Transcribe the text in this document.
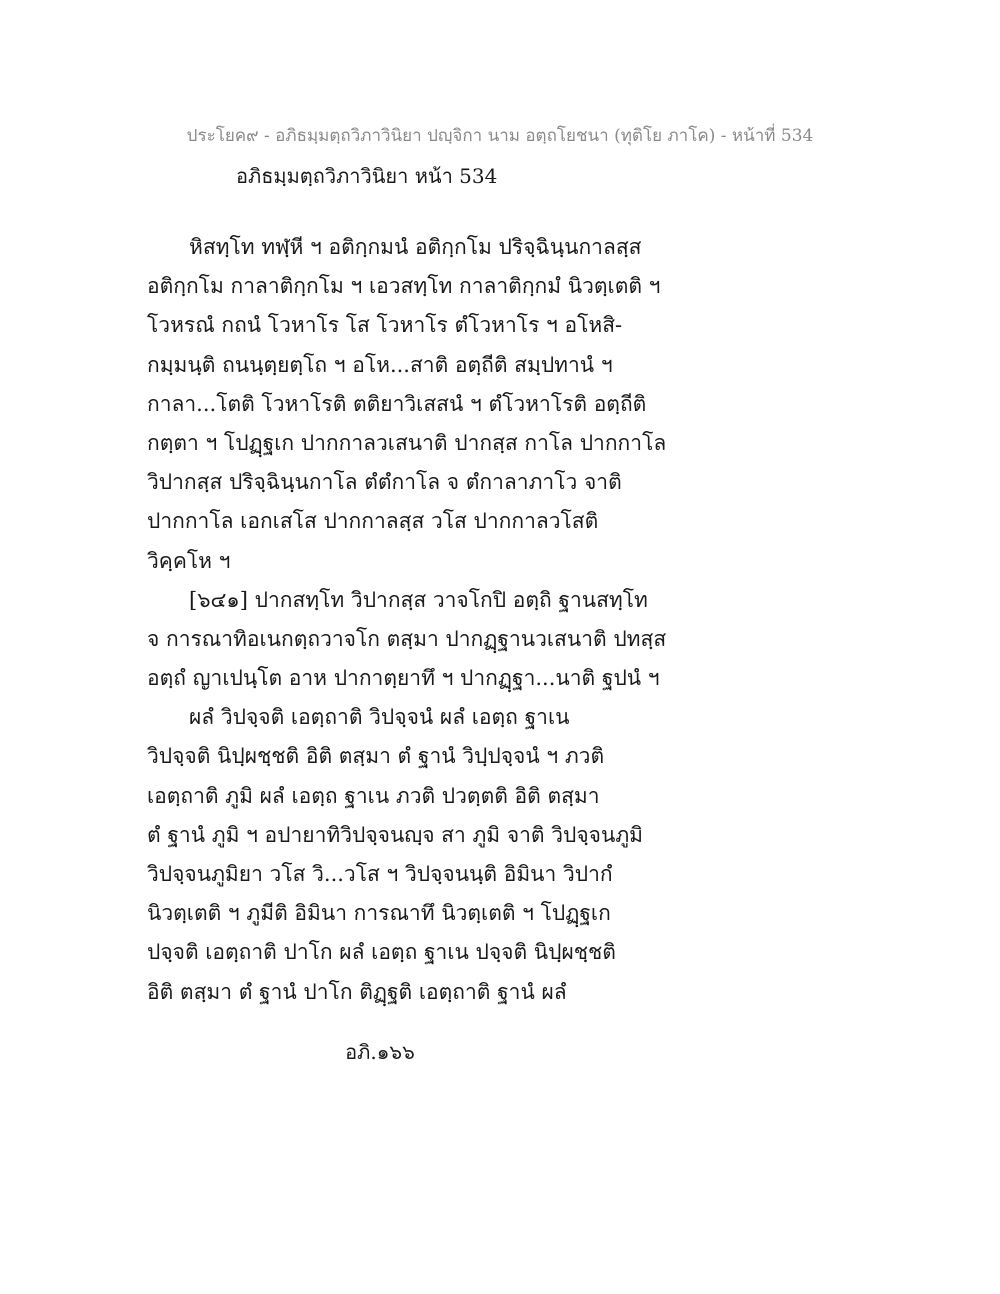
ประโยค๙ - อภิธมฺมตฺถวิภาวินิยา ปญฺจิกา นาม อตฺถโยชนา (ทุติโย ภาโค) - หน้าที่ 534
อภิธมฺมตฺถวิภาวินิยา หน้า 534
หิสทฺโท ทฬฺหี ฯ อติกฺกมนํ อติกฺกโม ปริจฺฉินฺนกาลสฺส
อติกฺกโม กาลาติกฺกโม ฯ เอวสทฺโท กาลาติกฺกมํ นิวตฺเตติ ฯ
โวหรณํ กถนํ โวหาโร โส โวหาโร ตํโวหาโร ฯ อโหสิ-
กมฺมนฺติ ถนนฺตฺยตฺโถ ฯ อโห...สาติ อตฺถีติ สมฺปทานํ ฯ
กาลา...โตติ โวหาโรติ ตติยาวิเสสนํ ฯ ตํโวหาโรติ อตฺถีติ
กตฺตา ฯ โปฏฺฐเก ปากกาลวเสนาติ ปากสฺส กาโล ปากกาโล
วิปากสฺส ปริจฺฉินฺนกาโล ตํตํกาโล จ ตํกาลาภาโว จาติ
ปากกาโล เอกเสโส ปากกาลสฺส วโส ปากกาลวโสติ
วิคฺคโห ฯ
[๖๔๑] ปากสทฺโท วิปากสฺส วาจโกปิ อตฺถิ ฐานสทฺโท
จ การณาทิอเนกตฺถวาจโก ตสฺมา ปากฏฺฐานวเสนาติ ปทสฺส
อตฺถํ ญาเปนฺโต อาห ปากาตฺยาทึ ฯ ปากฏฺฐา...นาติ ฐปนํ ฯ
ผลํ วิปจฺจติ เอตฺถาติ วิปจฺจนํ ผลํ เอตฺถ ฐาเน
วิปจฺจติ นิปฺผชฺชติ อิติ ตสฺมา ตํ ฐานํ วิปฺปจฺจนํ ฯ ภวติ
เอตฺถาติ ภูมิ ผลํ เอตฺถ ฐาเน ภวติ ปวตฺตติ อิติ ตสฺมา
ตํ ฐานํ ภูมิ ฯ อปายาทิวิปจฺจนญฺจ สา ภูมิ จาติ วิปจฺจนภูมิ
วิปจฺจนภูมิยา วโส วิ...วโส ฯ วิปจฺจนนฺติ อิมินา วิปากํ
นิวตฺเตติ ฯ ภูมีติ อิมินา การณาทึ นิวตฺเตติ ฯ โปฏฺฐเก
ปจฺจติ เอตฺถาติ ปาโก ผลํ เอตฺถ ฐาเน ปจฺจติ นิปฺผชฺชติ
อิติ ตสฺมา ตํ ฐานํ ปาโก ติฏฺฐติ เอตฺถาติ ฐานํ ผลํ
อภิ.๑๖๖
